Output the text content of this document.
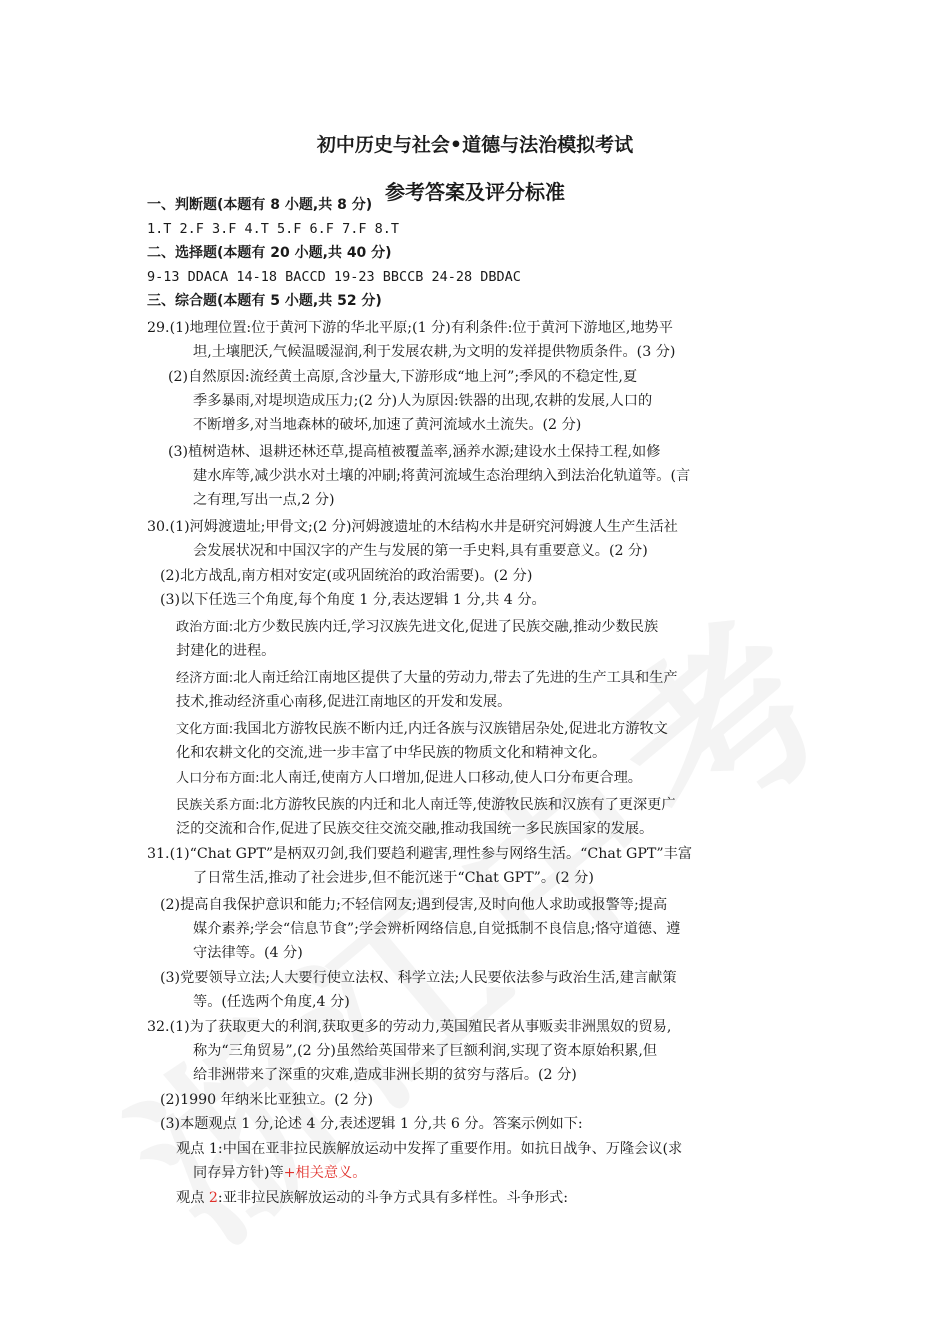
初中历史与社会•道德与法治模拟考试
参考答案及评分标准
一、判断题(本题有 8 小题,共 8 分)
1.T 2.F 3.F 4.T 5.F 6.F 7.F 8.T
二、选择题(本题有 20 小题,共 40 分)
9-13 DDACA 14-18 BACCD 19-23 BBCCB 24-28 DBDAC
三、综合题(本题有 5 小题,共 52 分)
29.(1)地理位置:位于黄河下游的华北平原;(1 分)有利条件:位于黄河下游地区,地势平
坦,土壤肥沃,气候温暖湿润,利于发展农耕,为文明的发祥提供物质条件。(3 分)
(2)自然原因:流经黄土高原,含沙量大,下游形成“地上河”;季风的不稳定性,夏
季多暴雨,对堤坝造成压力;(2 分)人为原因:铁器的出现,农耕的发展,人口的
不断增多,对当地森林的破坏,加速了黄河流域水土流失。(2 分)
(3)植树造林、退耕还林还草,提高植被覆盖率,涵养水源;建设水土保持工程,如修
建水库等,减少洪水对土壤的冲刷;将黄河流域生态治理纳入到法治化轨道等。(言
之有理,写出一点,2 分)
30.(1)河姆渡遗址;甲骨文;(2 分)河姆渡遗址的木结构水井是研究河姆渡人生产生活社
会发展状况和中国汉字的产生与发展的第一手史料,具有重要意义。(2 分)
(2)北方战乱,南方相对安定(或巩固统治的政治需要)。(2 分)
(3)以下任选三个角度,每个角度 1 分,表达逻辑 1 分,共 4 分。
政治方面:北方少数民族内迁,学习汉族先进文化,促进了民族交融,推动少数民族
封建化的进程。
经济方面:北人南迁给江南地区提供了大量的劳动力,带去了先进的生产工具和生产
技术,推动经济重心南移,促进江南地区的开发和发展。
文化方面:我国北方游牧民族不断内迁,内迁各族与汉族错居杂处,促进北方游牧文
化和农耕文化的交流,进一步丰富了中华民族的物质文化和精神文化。
人口分布方面:北人南迁,使南方人口增加,促进人口移动,使人口分布更合理。
民族关系方面:北方游牧民族的内迁和北人南迁等,使游牧民族和汉族有了更深更广
泛的交流和合作,促进了民族交往交流交融,推动我国统一多民族国家的发展。
31.(1)“Chat GPT”是柄双刃剑,我们要趋利避害,理性参与网络生活。“Chat GPT”丰富
了日常生活,推动了社会进步,但不能沉迷于“Chat GPT”。(2 分)
(2)提高自我保护意识和能力;不轻信网友;遇到侵害,及时向他人求助或报警等;提高
媒介素养;学会“信息节食”;学会辨析网络信息,自觉抵制不良信息;恪守道德、遵
守法律等。(4 分)
(3)党要领导立法;人大要行使立法权、科学立法;人民要依法参与政治生活,建言献策
等。(任选两个角度,4 分)
32.(1)为了获取更大的利润,获取更多的劳动力,英国殖民者从事贩卖非洲黑奴的贸易,
称为“三角贸易”,(2 分)虽然给英国带来了巨额利润,实现了资本原始积累,但
给非洲带来了深重的灾难,造成非洲长期的贫穷与落后。(2 分)
(2)1990 年纳米比亚独立。(2 分)
(3)本题观点 1 分,论述 4 分,表述逻辑 1 分,共 6 分。答案示例如下:
观点 1:中国在亚非拉民族解放运动中发挥了重要作用。如抗日战争、万隆会议(求
同存异方针)等+相关意义。
观点 2:亚非拉民族解放运动的斗争方式具有多样性。斗争形式:
